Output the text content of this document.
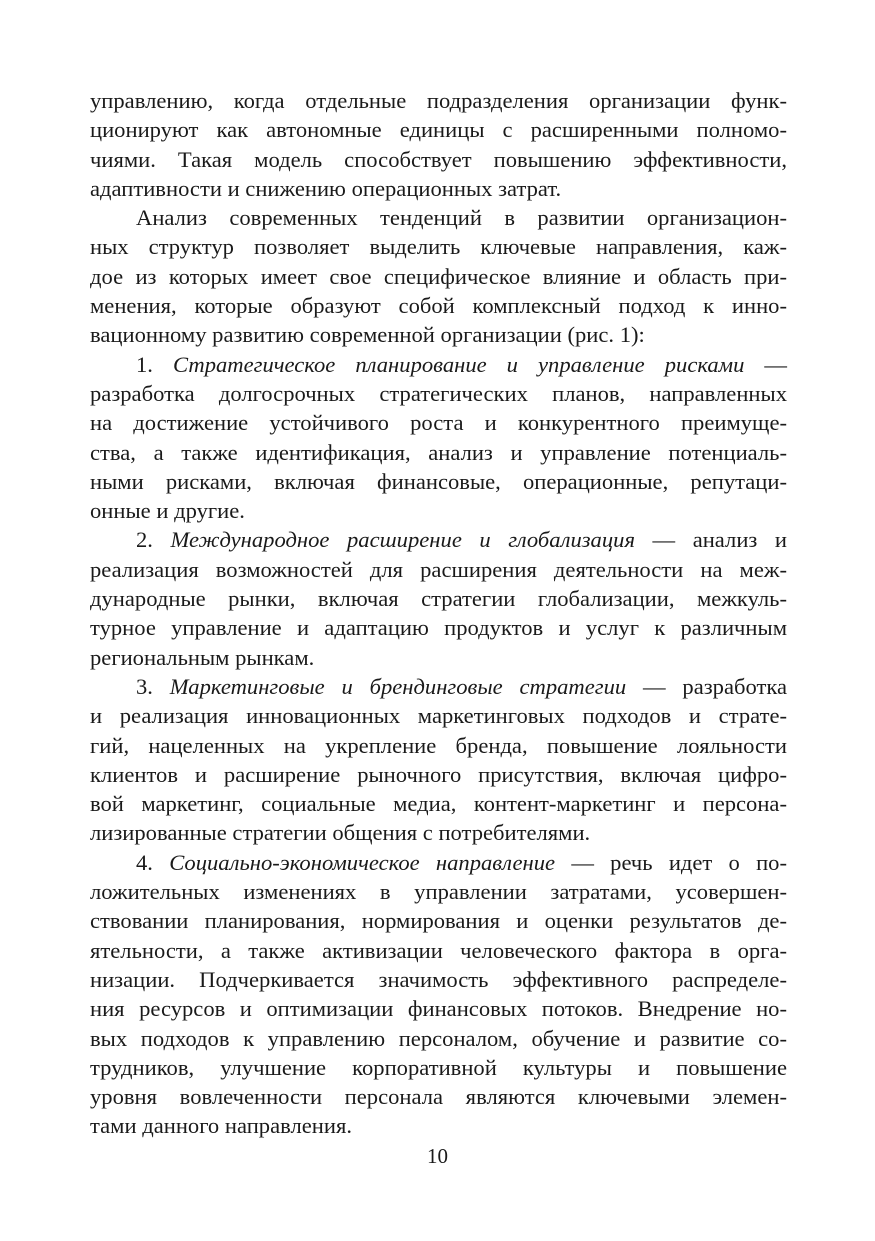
управлению, когда отдельные подразделения организации функ-
ционируют как автономные единицы с расширенными полномо-
чиями. Такая модель способствует повышению эффективности,
адаптивности и снижению операционных затрат.
Анализ современных тенденций в развитии организацион-
ных структур позволяет выделить ключевые направления, каж-
дое из которых имеет свое специфическое влияние и область при-
менения, которые образуют собой комплексный подход к инно-
вационному развитию современной организации (рис. 1):
1. Стратегическое планирование и управление рисками —
разработка долгосрочных стратегических планов, направленных
на достижение устойчивого роста и конкурентного преимуще-
ства, а также идентификация, анализ и управление потенциаль-
ными рисками, включая финансовые, операционные, репутаци-
онные и другие.
2. Международное расширение и глобализация — анализ и
реализация возможностей для расширения деятельности на меж-
дународные рынки, включая стратегии глобализации, межкуль-
турное управление и адаптацию продуктов и услуг к различным
региональным рынкам.
3. Маркетинговые и брендинговые стратегии — разработка
и реализация инновационных маркетинговых подходов и страте-
гий, нацеленных на укрепление бренда, повышение лояльности
клиентов и расширение рыночного присутствия, включая цифро-
вой маркетинг, социальные медиа, контент-маркетинг и персона-
лизированные стратегии общения с потребителями.
4. Социально-экономическое направление — речь идет о по-
ложительных изменениях в управлении затратами, усовершен-
ствовании планирования, нормирования и оценки результатов де-
ятельности, а также активизации человеческого фактора в орга-
низации. Подчеркивается значимость эффективного распределе-
ния ресурсов и оптимизации финансовых потоков. Внедрение но-
вых подходов к управлению персоналом, обучение и развитие со-
трудников, улучшение корпоративной культуры и повышение
уровня вовлеченности персонала являются ключевыми элемен-
тами данного направления.
10
